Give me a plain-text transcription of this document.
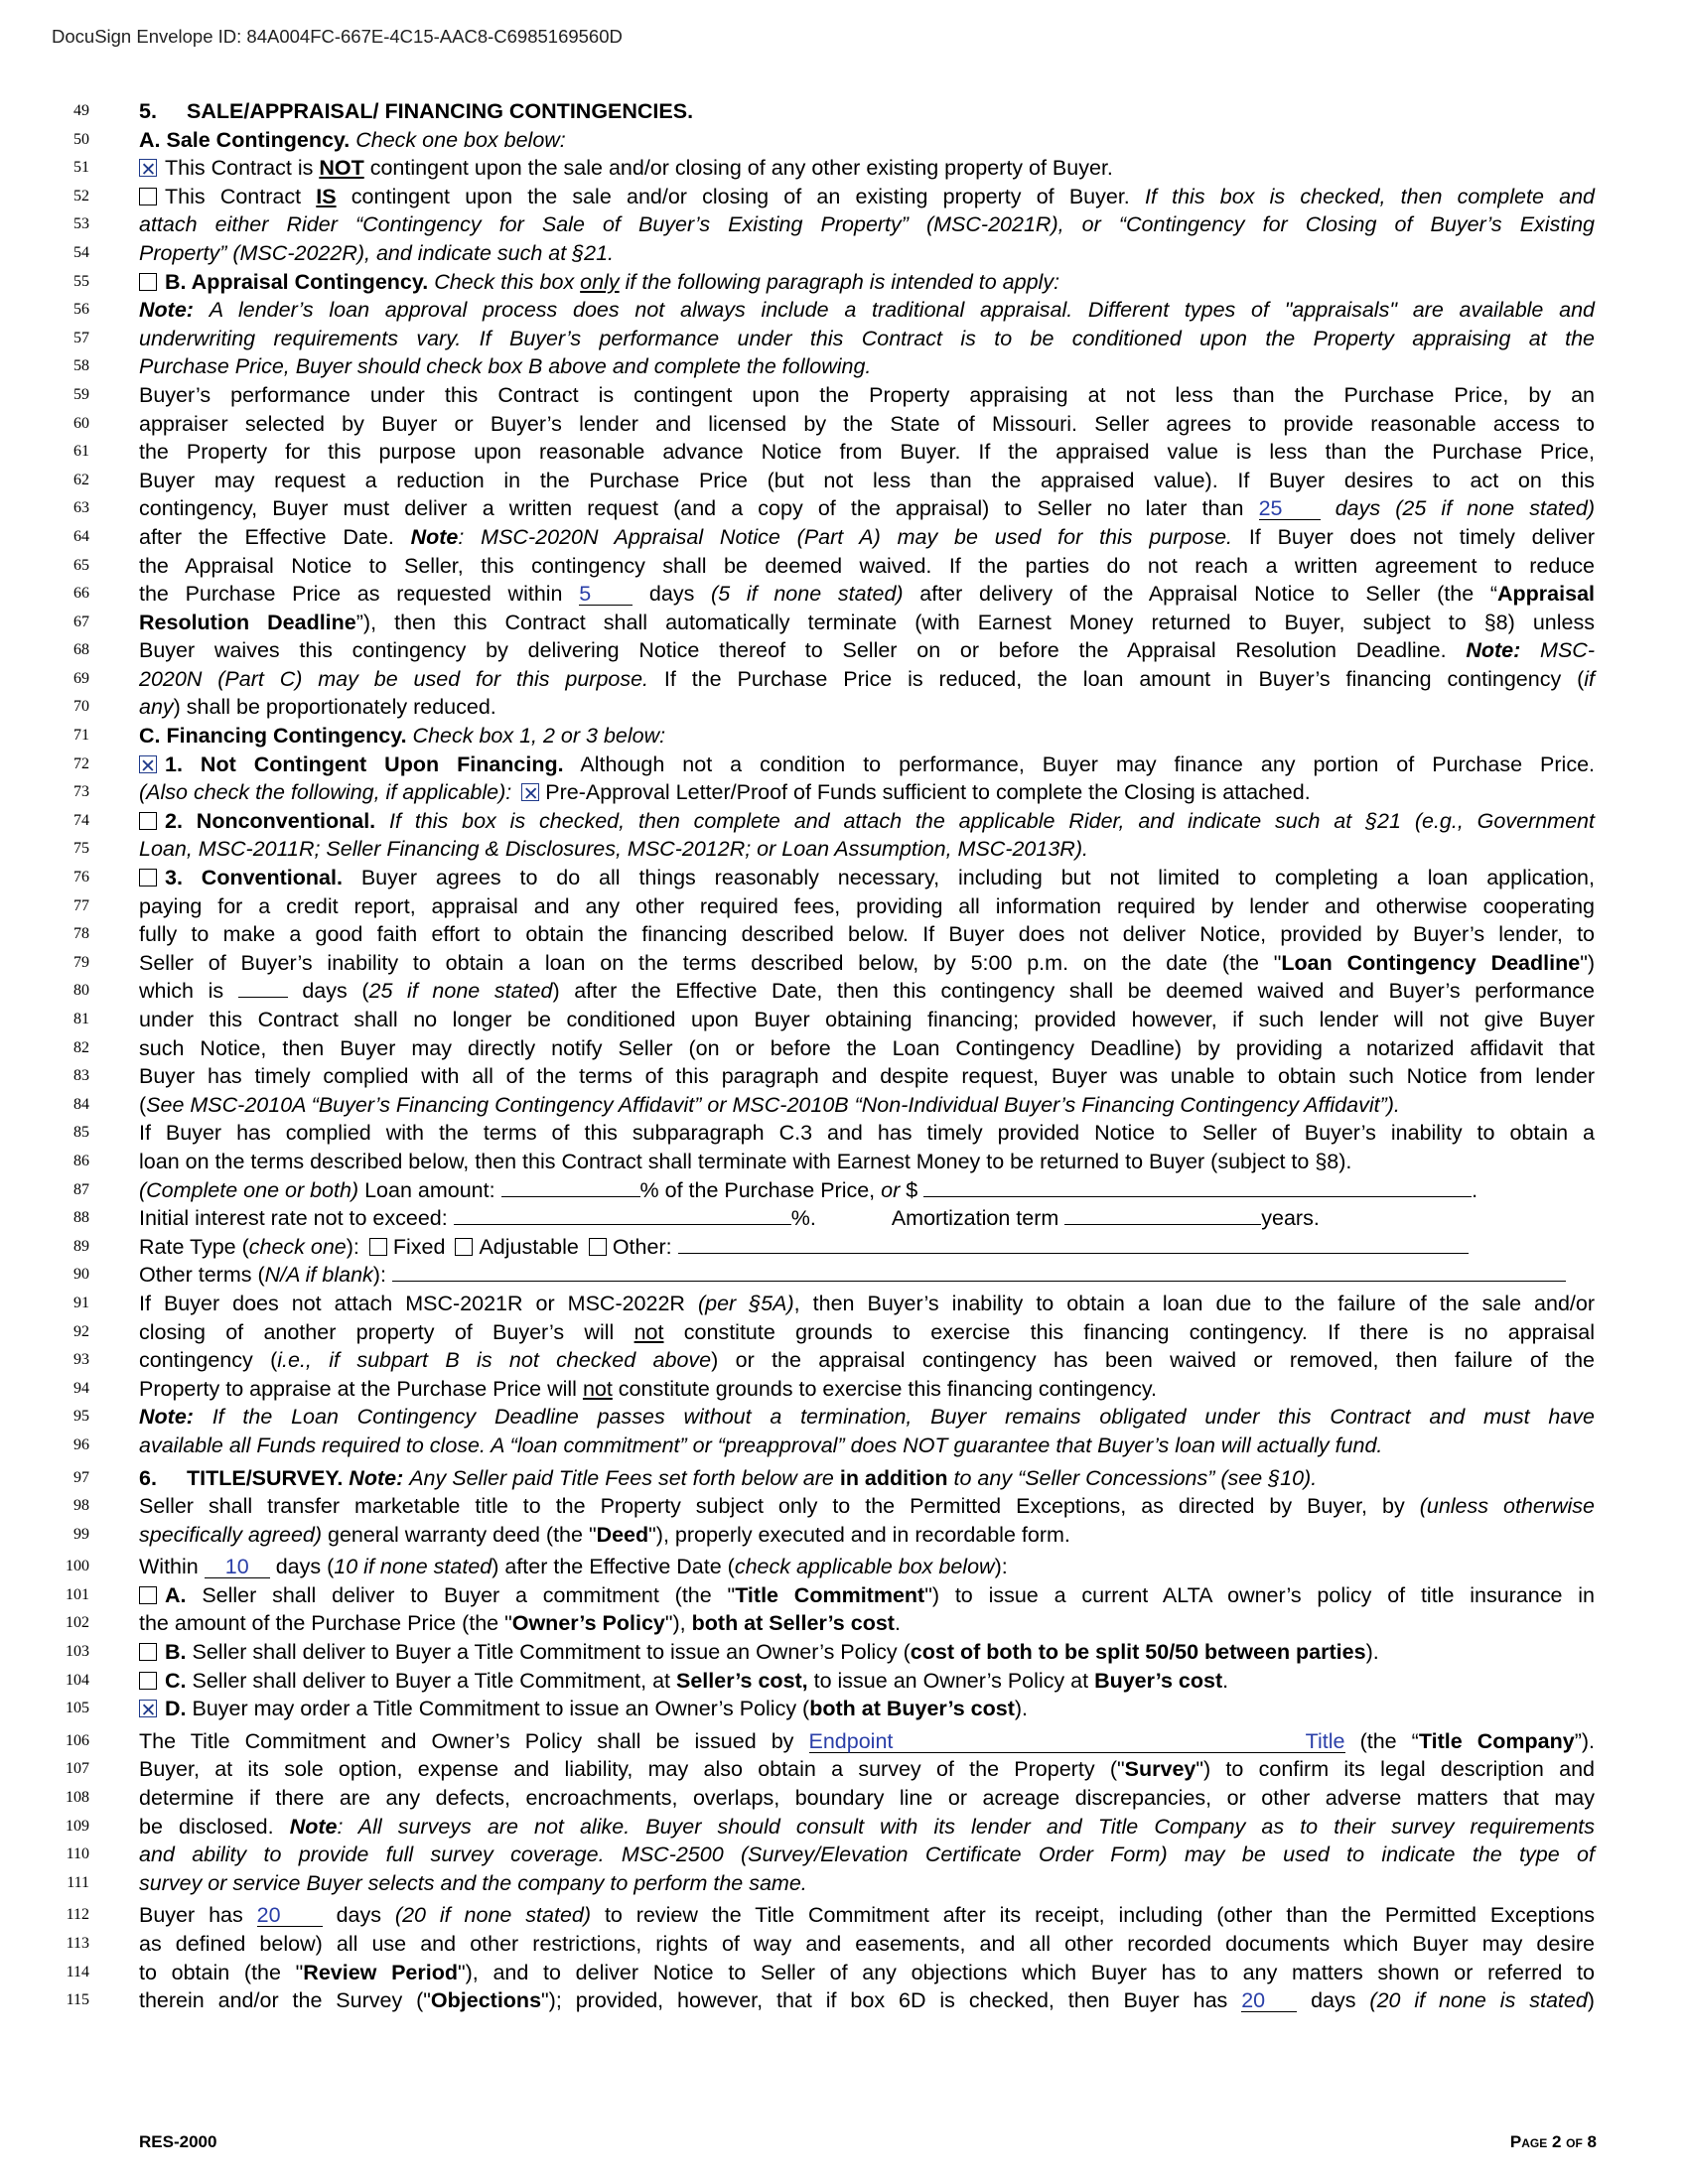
DocuSign Envelope ID: 84A004FC-667E-4C15-AAC8-C6985169560D
49 5. SALE/APPRAISAL/ FINANCING CONTINGENCIES.
50 A. Sale Contingency. Check one box below:
51 ✕	This Contract is NOT contingent upon the sale and/or closing of any other existing property of Buyer.
52	This Contract IS contingent upon the sale and/or closing of an existing property of Buyer. If this box is checked, then complete and
53 attach either Rider “Contingency for Sale of Buyer’s Existing Property” (MSC-2021R), or “Contingency for Closing of Buyer’s Existing
54 Property” (MSC-2022R), and indicate such at §21.
55	B. Appraisal Contingency. Check this box only if the following paragraph is intended to apply:
56 Note: A lender’s loan approval process does not always include a traditional appraisal. Different types of "appraisals" are available and
57 underwriting requirements vary. If Buyer’s performance under this Contract is to be conditioned upon the Property appraising at the
58 Purchase Price, Buyer should check box B above and complete the following.
59 Buyer’s performance under this Contract is contingent upon the Property appraising at not less than the Purchase Price, by an
60 appraiser selected by Buyer or Buyer’s lender and licensed by the State of Missouri. Seller agrees to provide reasonable access to
61 the Property for this purpose upon reasonable advance Notice from Buyer. If the appraised value is less than the Purchase Price,
62 Buyer may request a reduction in the Purchase Price (but not less than the appraised value). If Buyer desires to act on this
63 contingency, Buyer must deliver a written request (and a copy of the appraisal) to Seller no later than 25 days (25 if none stated)
64 after the Effective Date. Note: MSC-2020N Appraisal Notice (Part A) may be used for this purpose. If Buyer does not timely deliver
65 the Appraisal Notice to Seller, this contingency shall be deemed waived. If the parties do not reach a written agreement to reduce
66 the Purchase Price as requested within 5 days (5 if none stated) after delivery of the Appraisal Notice to Seller (the “Appraisal
67 Resolution Deadline”), then this Contract shall automatically terminate (with Earnest Money returned to Buyer, subject to §8) unless
68 Buyer waives this contingency by delivering Notice thereof to Seller on or before the Appraisal Resolution Deadline. Note: MSC-
69 2020N (Part C) may be used for this purpose. If the Purchase Price is reduced, the loan amount in Buyer’s financing contingency (if
70 any) shall be proportionately reduced.
71 C. Financing Contingency. Check box 1, 2 or 3 below:
72 ✕	1. Not Contingent Upon Financing. Although not a condition to performance, Buyer may finance any portion of Purchase Price.
73 (Also check the following, if applicable): ✕ Pre-Approval Letter/Proof of Funds sufficient to complete the Closing is attached.
74	2. Nonconventional. If this box is checked, then complete and attach the applicable Rider, and indicate such at §21 (e.g., Government
75 Loan, MSC-2011R; Seller Financing & Disclosures, MSC-2012R; or Loan Assumption, MSC-2013R).
76	3. Conventional. Buyer agrees to do all things reasonably necessary, including but not limited to completing a loan application,
77 paying for a credit report, appraisal and any other required fees, providing all information required by lender and otherwise cooperating
78 fully to make a good faith effort to obtain the financing described below. If Buyer does not deliver Notice, provided by Buyer’s lender, to
79 Seller of Buyer’s inability to obtain a loan on the terms described below, by 5:00 p.m. on the date (the "Loan Contingency Deadline")
80 which is  days (25 if none stated) after the Effective Date, then this contingency shall be deemed waived and Buyer’s performance
81 under this Contract shall no longer be conditioned upon Buyer obtaining financing; provided however, if such lender will not give Buyer
82 such Notice, then Buyer may directly notify Seller (on or before the Loan Contingency Deadline) by providing a notarized affidavit that
83 Buyer has timely complied with all of the terms of this paragraph and despite request, Buyer was unable to obtain such Notice from lender
84 (See MSC-2010A “Buyer’s Financing Contingency Affidavit” or MSC-2010B “Non-Individual Buyer’s Financing Contingency Affidavit”).
85 If Buyer has complied with the terms of this subparagraph C.3 and has timely provided Notice to Seller of Buyer’s inability to obtain a
86 loan on the terms described below, then this Contract shall terminate with Earnest Money to be returned to Buyer (subject to §8).
87 (Complete one or both) Loan amount:	% of the Purchase Price, or $	.
88 Initial interest rate not to exceed:	%.	Amortization term	years.
89 Rate Type (check one): Fixed Adjustable Other:
90 Other terms (N/A if blank):
91 If Buyer does not attach MSC-2021R or MSC-2022R (per §5A), then Buyer’s inability to obtain a loan due to the failure of the sale and/or
92 closing of another property of Buyer’s will not constitute grounds to exercise this financing contingency. If there is no appraisal
93 contingency (i.e., if subpart B is not checked above) or the appraisal contingency has been waived or removed, then failure of the
94 Property to appraise at the Purchase Price will not constitute grounds to exercise this financing contingency.
95 Note: If the Loan Contingency Deadline passes without a termination, Buyer remains obligated under this Contract and must have
96 available all Funds required to close. A “loan commitment” or “preapproval” does NOT guarantee that Buyer’s loan will actually fund.
97 6. TITLE/SURVEY. Note: Any Seller paid Title Fees set forth below are in addition to any “Seller Concessions” (see §10).
98 Seller shall transfer marketable title to the Property subject only to the Permitted Exceptions, as directed by Buyer, by (unless otherwise
99 specifically agreed) general warranty deed (the "Deed"), properly executed and in recordable form.
100 Within 10 days (10 if none stated) after the Effective Date (check applicable box below):
101	A. Seller shall deliver to Buyer a commitment (the "Title Commitment") to issue a current ALTA owner’s policy of title insurance in
102 the amount of the Purchase Price (the "Owner’s Policy"), both at Seller’s cost.
103	B. Seller shall deliver to Buyer a Title Commitment to issue an Owner’s Policy (cost of both to be split 50/50 between parties).
104	C. Seller shall deliver to Buyer a Title Commitment, at Seller’s cost, to issue an Owner’s Policy at Buyer’s cost.
105 ✕	D. Buyer may order a Title Commitment to issue an Owner’s Policy (both at Buyer’s cost).
106 The Title Commitment and Owner’s Policy shall be issued by Endpoint Title (the “Title Company”).
107 Buyer, at its sole option, expense and liability, may also obtain a survey of the Property ("Survey") to confirm its legal description and
108 determine if there are any defects, encroachments, overlaps, boundary line or acreage discrepancies, or other adverse matters that may
109 be disclosed. Note: All surveys are not alike. Buyer should consult with its lender and Title Company as to their survey requirements
110 and ability to provide full survey coverage. MSC-2500 (Survey/Elevation Certificate Order Form) may be used to indicate the type of
111 survey or service Buyer selects and the company to perform the same.
112 Buyer has 20 days (20 if none stated) to review the Title Commitment after its receipt, including (other than the Permitted Exceptions
113 as defined below) all use and other restrictions, rights of way and easements, and all other recorded documents which Buyer may desire
114 to obtain (the "Review Period"), and to deliver Notice to Seller of any objections which Buyer has to any matters shown or referred to
115 therein and/or the Survey ("Objections"); provided, however, that if box 6D is checked, then Buyer has 20 days (20 if none is stated)
RES-2000	Page 2 of 8
